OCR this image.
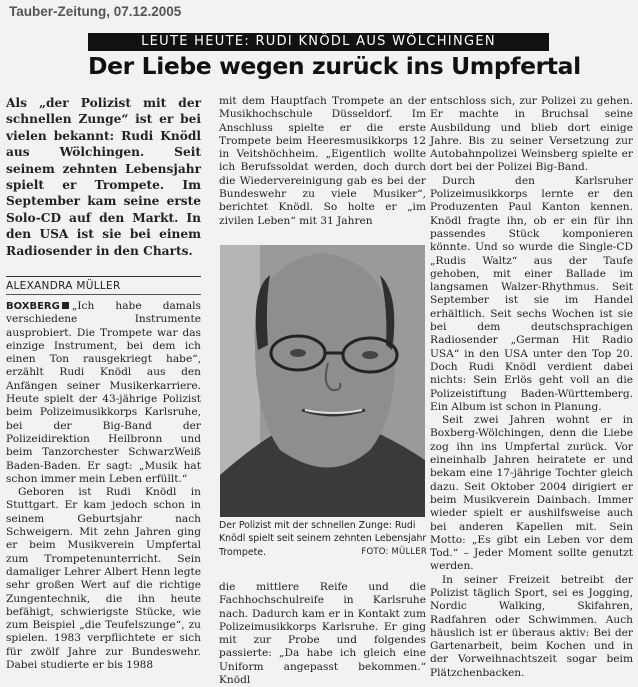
Tauber-Zeitung, 07.12.2005
LEUTE HEUTE: RUDI KNÖDL AUS WÖLCHINGEN
Der Liebe wegen zurück ins Umpfertal
Als „der Polizist mit der schnellen Zunge“ ist er bei vielen bekannt: Rudi Knödl aus Wölchingen. Seit seinem zehnten Lebensjahr spielt er Trompete. Im September kam seine erste Solo-CD auf den Markt. In den USA ist sie bei einem Radiosender in den Charts.
ALEXANDRA MÜLLER

BOXBERG „Ich habe damals verschiedene Instrumente ausprobiert. Die Trompete war das einzige Instrument, bei dem ich einen Ton rausgekriegt habe“, erzählt Rudi Knödl aus den Anfängen seiner Musikerkarriere. Heute spielt der 43-jährige Polizist beim Polizeimusikkorps Karlsruhe, bei der Big-Band der Polizeidirektion Heilbronn und beim Tanzorchester SchwarzWeiß Baden-Baden. Er sagt: „Musik hat schon immer mein Leben erfüllt.“

Geboren ist Rudi Knödl in Stuttgart. Er kam jedoch schon in seinem Geburtsjahr nach Schweigern. Mit zehn Jahren ging er beim Musikverein Umpfertal zum Trompetenunterricht. Sein damaliger Lehrer Albert Henn legte sehr großen Wert auf die richtige Zungentechnik, die ihn heute befähigt, schwierigste Stücke, wie zum Beispiel „die Teufelszunge“, zu spielen. 1983 verpflichtete er sich für zwölf Jahre zur Bundeswehr. Dabei studierte er bis 1988

mit dem Hauptfach Trompete an der Musikhochschule Düsseldorf. Im Anschluss spielte er die erste Trompete beim Heeresmusikkorps 12 in Veitshöchheim. „Eigentlich wollte ich Berufssoldat werden, doch durch die Wiedervereinigung gab es bei der Bundeswehr zu viele Musiker“, berichtet Knödl. So holte er „im zivilen Leben“ mit 31 Jahren
Der Polizist mit der schnellen Zunge: Rudi Knödl spielt seit seinem zehnten Lebensjahr Trompete.	FOTO: MÜLLER
die mittlere Reife und die Fachhochschulreife in Karlsruhe nach. Dadurch kam er in Kontakt zum Polizeimusikkorps Karlsruhe. Er ging mit zur Probe und folgendes passierte: „Da habe ich gleich eine Uniform angepasst bekommen.“ Knödl

entschloss sich, zur Polizei zu gehen. Er machte in Bruchsal seine Ausbildung und blieb dort einige Jahre. Bis zu seiner Versetzung zur Autobahnpolizei Weinsberg spielte er dort bei der Polizei Big-Band.

Durch den Karlsruher Polizeimusikkorps lernte er den Produzenten Paul Kanton kennen. Knödl fragte ihn, ob er ein für ihn passendes Stück komponieren könnte. Und so wurde die Single-CD „Rudis Waltz“ aus der Taufe gehoben, mit einer Ballade im langsamen Walzer-Rhythmus. Seit September ist sie im Handel erhältlich. Seit sechs Wochen ist sie bei dem deutschsprachigen Radiosender „German Hit Radio USA“ in den USA unter den Top 20. Doch Rudi Knödl verdient dabei nichts: Sein Erlös geht voll an die Polizeistiftung Baden-Württemberg. Ein Album ist schon in Planung.

Seit zwei Jahren wohnt er in Boxberg-Wölchingen, denn die Liebe zog ihn ins Umpfertal zurück. Vor eineinhalb Jahren heiratete er und bekam eine 17-jährige Tochter gleich dazu. Seit Oktober 2004 dirigiert er beim Musikverein Dainbach. Immer wieder spielt er aushilfsweise auch bei anderen Kapellen mit. Sein Motto: „Es gibt ein Leben vor dem Tod.“ – Jeder Moment sollte genutzt werden.

In seiner Freizeit betreibt der Polizist täglich Sport, sei es Jogging, Nordic Walking, Skifahren, Radfahren oder Schwimmen. Auch häuslich ist er überaus aktiv: Bei der Gartenarbeit, beim Kochen und in der Vorweihnachtszeit sogar beim Plätzchenbacken.
